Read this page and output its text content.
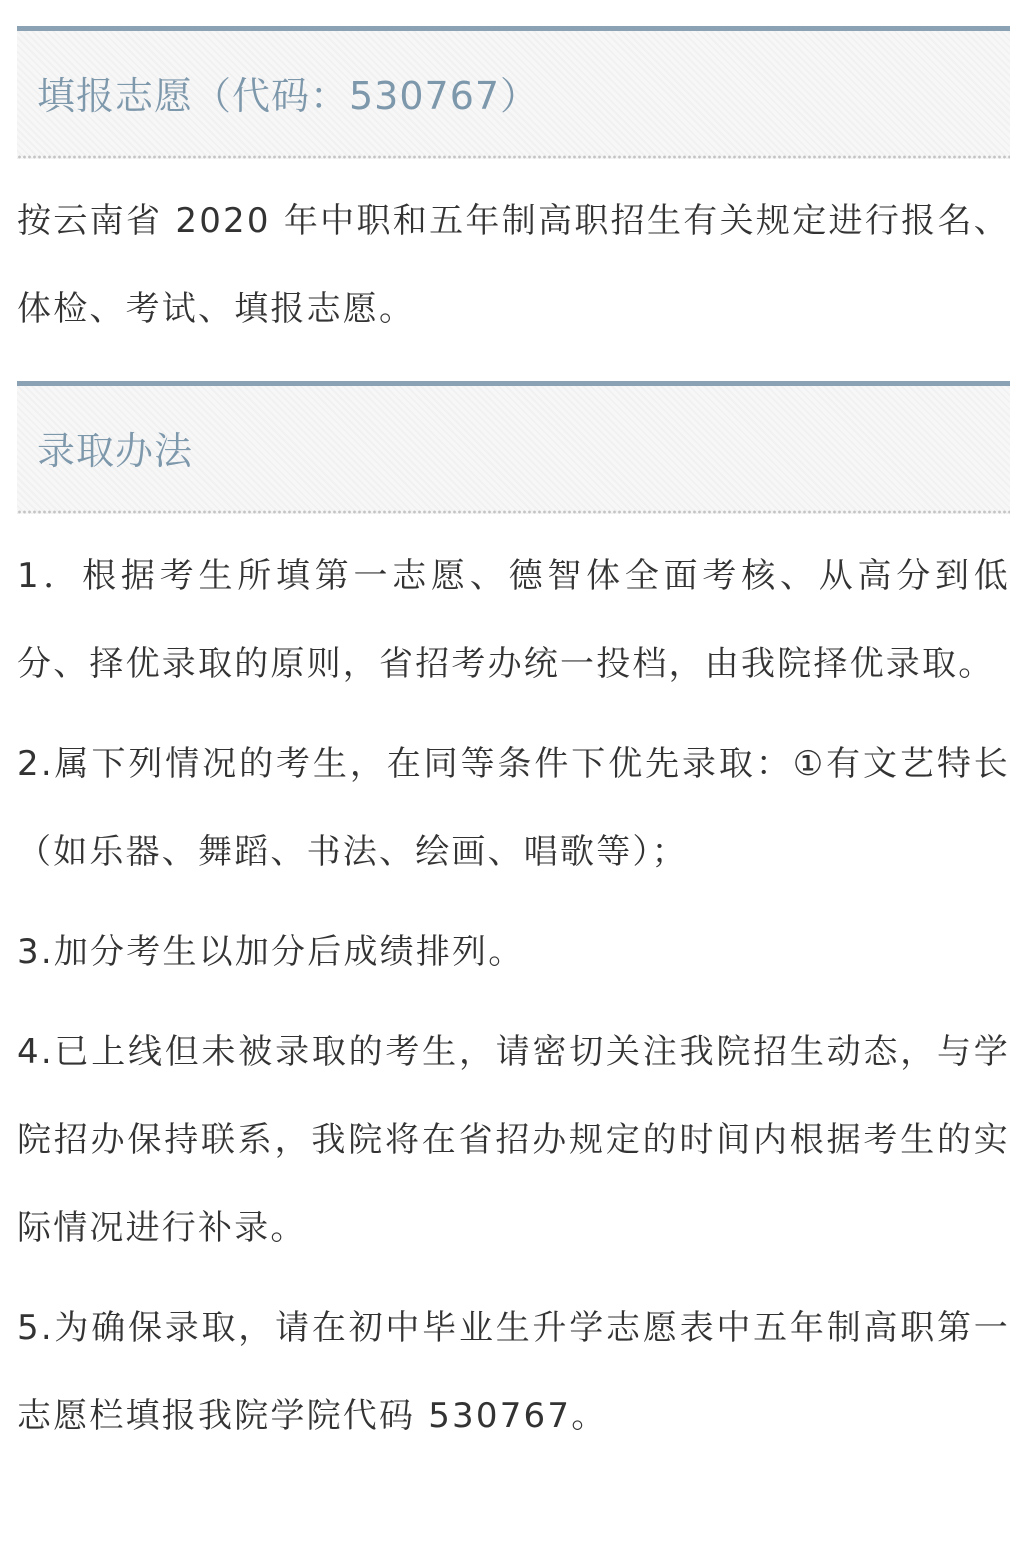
填报志愿（代码：530767）

按云南省 2020 年中职和五年制高职招生有关规定进行报名、体检、考试、填报志愿。

录取办法

1．根据考生所填第一志愿、德智体全面考核、从高分到低分、择优录取的原则，省招考办统一投档，由我院择优录取。

2.属下列情况的考生，在同等条件下优先录取：①有文艺特长（如乐器、舞蹈、书法、绘画、唱歌等）；

3.加分考生以加分后成绩排列。

4.已上线但未被录取的考生，请密切关注我院招生动态，与学院招办保持联系，我院将在省招办规定的时间内根据考生的实际情况进行补录。

5.为确保录取，请在初中毕业生升学志愿表中五年制高职第一志愿栏填报我院学院代码 530767。
